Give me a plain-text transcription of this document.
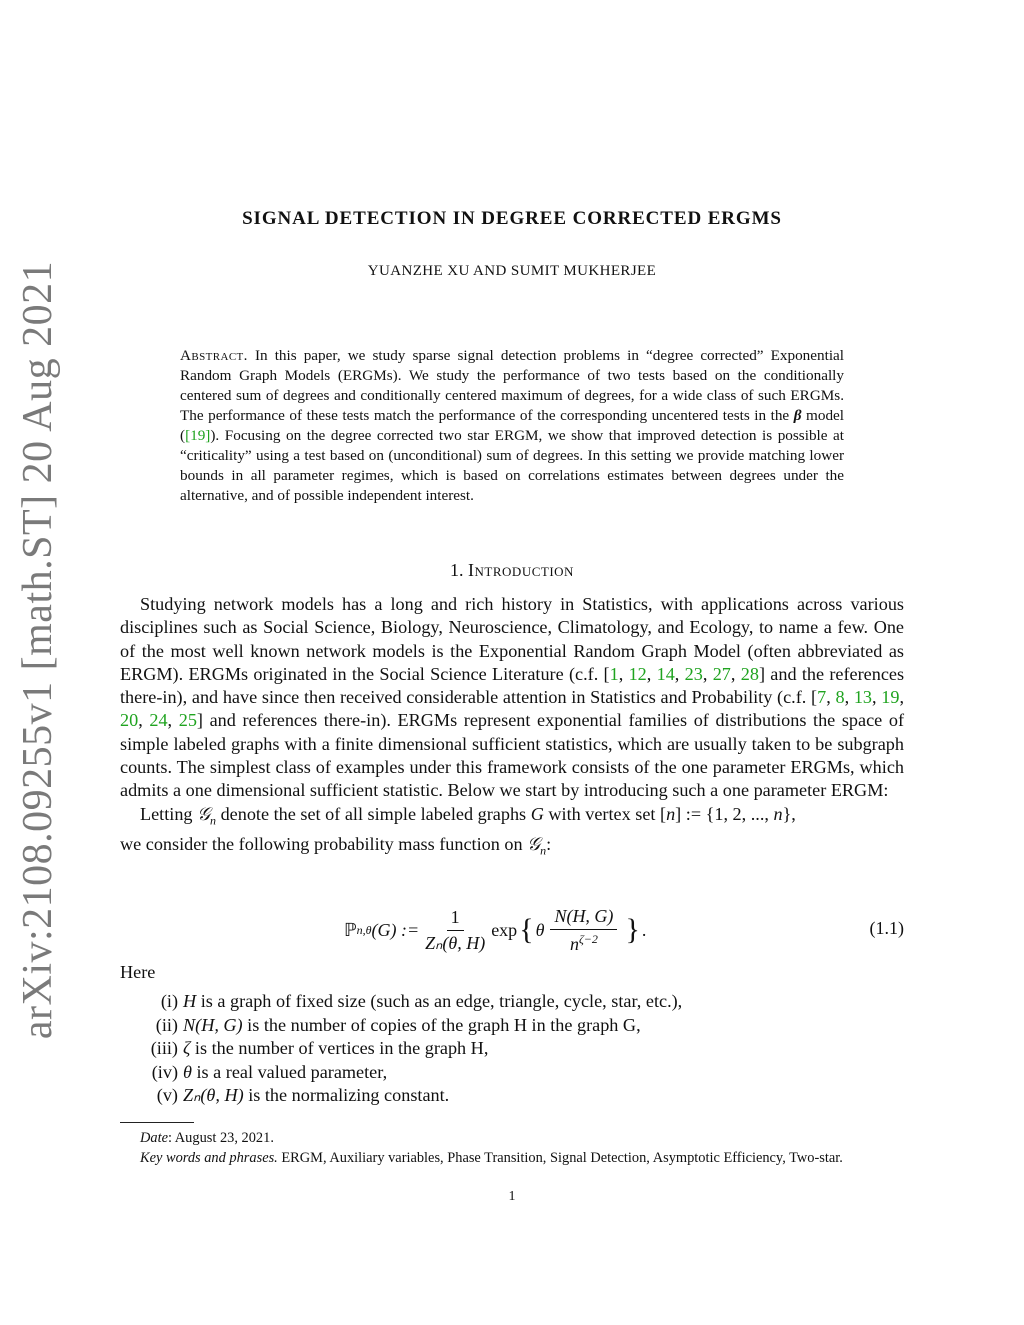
arXiv:2108.09255v1 [math.ST] 20 Aug 2021
SIGNAL DETECTION IN DEGREE CORRECTED ERGMS
YUANZHE XU AND SUMIT MUKHERJEE
Abstract. In this paper, we study sparse signal detection problems in “degree corrected” Exponential Random Graph Models (ERGMs). We study the performance of two tests based on the conditionally centered sum of degrees and conditionally centered maximum of degrees, for a wide class of such ERGMs. The performance of these tests match the performance of the corresponding uncentered tests in the β model ([19]). Focusing on the degree corrected two star ERGM, we show that improved detection is possible at “criticality” using a test based on (unconditional) sum of degrees. In this setting we provide matching lower bounds in all parameter regimes, which is based on correlations estimates between degrees under the alternative, and of possible independent interest.
1. Introduction

Studying network models has a long and rich history in Statistics, with applications across various disciplines such as Social Science, Biology, Neuroscience, Climatology, and Ecology, to name a few. One of the most well known network models is the Exponential Random Graph Model (often abbreviated as ERGM). ERGMs originated in the Social Science Literature (c.f. [1, 12, 14, 23, 27, 28] and the references there-in), and have since then received considerable attention in Statistics and Probability (c.f. [7, 8, 13, 19, 20, 24, 25] and references there-in). ERGMs represent exponential families of distributions the space of simple labeled graphs with a finite dimensional sufficient statistics, which are usually taken to be subgraph counts. The simplest class of examples under this framework consists of the one parameter ERGMs, which admits a one dimensional sufficient statistic. Below we start by introducing such a one parameter ERGM:

Letting 𝒢$_n$ denote the set of all simple labeled graphs G with vertex set [n] := {1, 2, ..., n},
we consider the following probability mass function on 𝒢$_n$:

ℙ n,θ (G) := $\frac{1}{\text{Zₙ(θ, H)}}$ exp { θ $\frac{N(H, G)}{n^{\zeta-2}}$ } .	(1.1)
Here
(i) H is a graph of fixed size (such as an edge, triangle, cycle, star, etc.),
(ii) N(H, G) is the number of copies of the graph H in the graph G,
(iii) ζ is the number of vertices in the graph H,
(iv) θ is a real valued parameter,
(v) Zₙ(θ, H) is the normalizing constant.

Date: August 23, 2021.

Key words and phrases. ERGM, Auxiliary variables, Phase Transition, Signal Detection, Asymptotic Efficiency, Two-star.

1
